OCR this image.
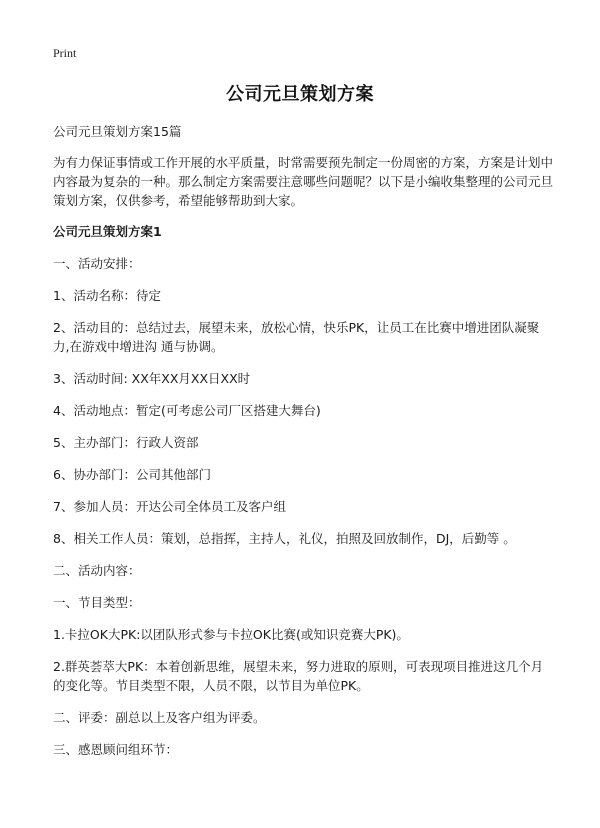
Print
公司元旦策划方案

公司元旦策划方案15篇

为有力保证事情或工作开展的水平质量，时常需要预先制定一份周密的方案，方案是计划中内容最为复杂的一种。那么制定方案需要注意哪些问题呢？以下是小编收集整理的公司元旦策划方案，仅供参考，希望能够帮助到大家。

公司元旦策划方案1

一、活动安排：

1、活动名称：待定

2、活动目的：总结过去，展望未来，放松心情，快乐PK，让员工在比赛中增进团队凝聚力,在游戏中增进沟 通与协调。

3、活动时间: XX年XX月XX日XX时

4、活动地点：暂定(可考虑公司厂区搭建大舞台)

5、主办部门：行政人资部

6、协办部门：公司其他部门

7、参加人员：开达公司全体员工及客户组

8、相关工作人员：策划，总指挥，主持人，礼仪，拍照及回放制作，DJ，后勤等 。

二、活动内容：

一、节目类型：

1.卡拉OK大PK:以团队形式参与卡拉OK比赛(或知识竞赛大PK)。

2.群英荟萃大PK：本着创新思维，展望未来，努力进取的原则，可表现项目推进这几个月的变化等。节目类型不限，人员不限，以节目为单位PK。

二、评委：副总以上及客户组为评委。

三、感恩顾问组环节：
